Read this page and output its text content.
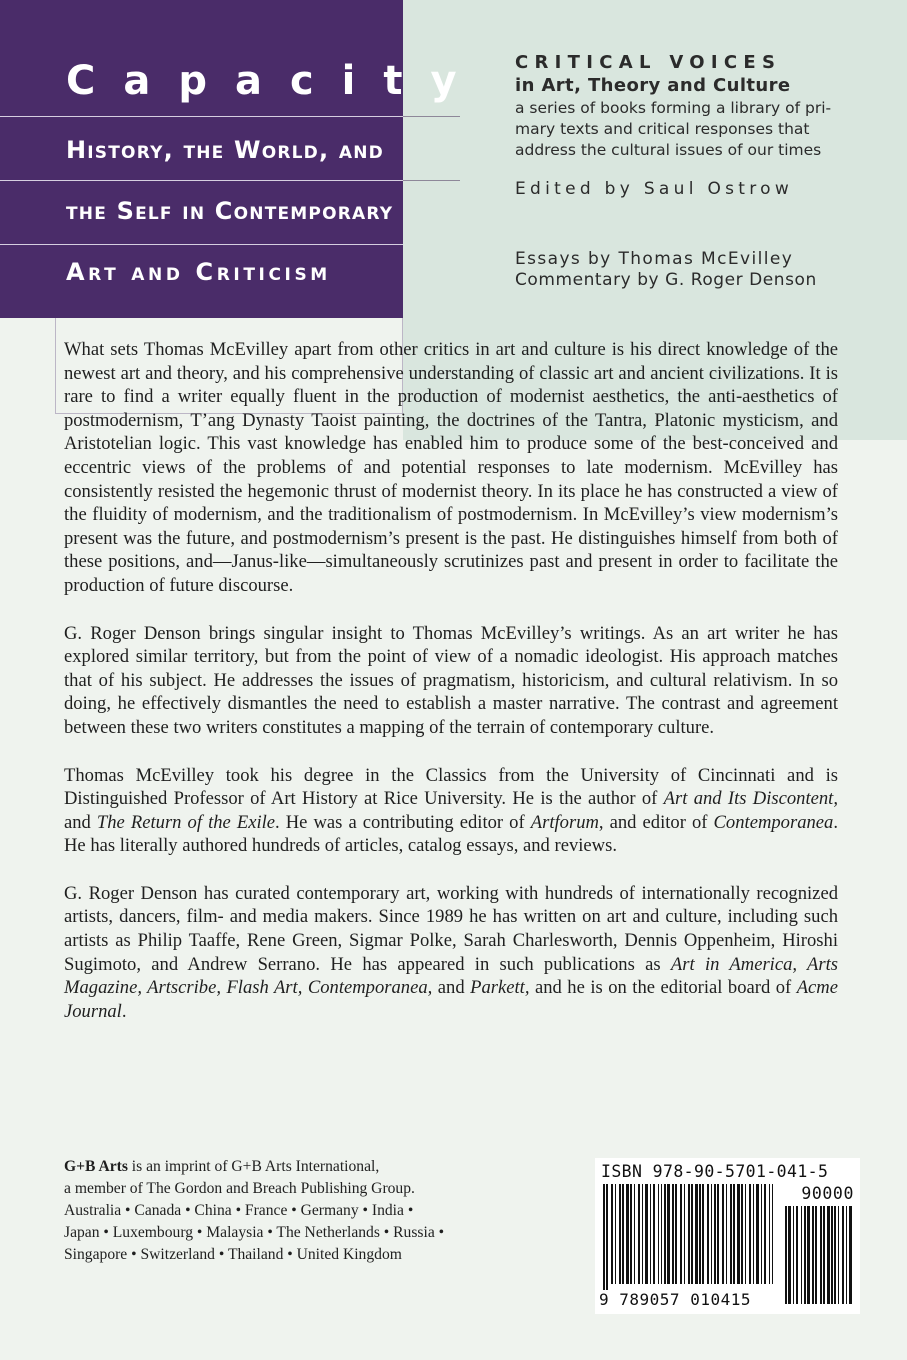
Capacity
History, the World, and
the Self in Contemporary
Art and Criticism
CRITICAL VOICES
in Art, Theory and Culture
a series of books forming a library of pri-
mary texts and critical responses that
address the cultural issues of our times
Edited by Saul Ostrow
Essays by Thomas McEvilley
Commentary by G. Roger Denson

What sets Thomas McEvilley apart from other critics in art and culture is his direct knowledge of the newest art and theory, and his comprehensive understanding of classic art and ancient civilizations. It is rare to find a writer equally fluent in the production of modernist aesthetics, the anti-aesthetics of postmodernism, T’ang Dynasty Taoist painting, the doctrines of the Tantra, Platonic mysticism, and Aristotelian logic. This vast knowledge has enabled him to produce some of the best-conceived and eccentric views of the problems of and potential responses to late modernism. McEvilley has consistently resisted the hegemonic thrust of modernist theory. In its place he has constructed a view of the fluidity of modernism, and the traditionalism of postmodernism. In McEvilley’s view modernism’s present was the future, and postmodernism’s present is the past. He distinguishes himself from both of these positions, and—Janus-like—simultaneously scrutinizes past and present in order to facilitate the production of future discourse.

G. Roger Denson brings singular insight to Thomas McEvilley’s writings. As an art writer he has explored similar territory, but from the point of view of a nomadic ideologist. His approach matches that of his subject. He addresses the issues of pragmatism, historicism, and cultural relativism. In so doing, he effectively dismantles the need to establish a master narrative. The contrast and agreement between these two writers constitutes a mapping of the terrain of contemporary culture.

Thomas McEvilley took his degree in the Classics from the University of Cincinnati and is Distinguished Professor of Art History at Rice University. He is the author of Art and Its Discontent, and The Return of the Exile. He was a contributing editor of Artforum, and editor of Contemporanea. He has literally authored hundreds of articles, catalog essays, and reviews.

G. Roger Denson has curated contemporary art, working with hundreds of internationally recognized artists, dancers, film- and media makers. Since 1989 he has written on art and culture, including such artists as Philip Taaffe, Rene Green, Sigmar Polke, Sarah Charlesworth, Dennis Oppenheim, Hiroshi Sugimoto, and Andrew Serrano. He has appeared in such publications as Art in America, Arts Magazine, Artscribe, Flash Art, Contemporanea, and Parkett, and he is on the editorial board of Acme Journal.

G+B Arts is an imprint of G+B Arts International,
a member of The Gordon and Breach Publishing Group.
Australia • Canada • China • France • Germany • India •
Japan • Luxembourg • Malaysia • The Netherlands • Russia •
Singapore • Switzerland • Thailand • United Kingdom
ISBN 978-90-5701-041-5
90000
9 789057 010415
